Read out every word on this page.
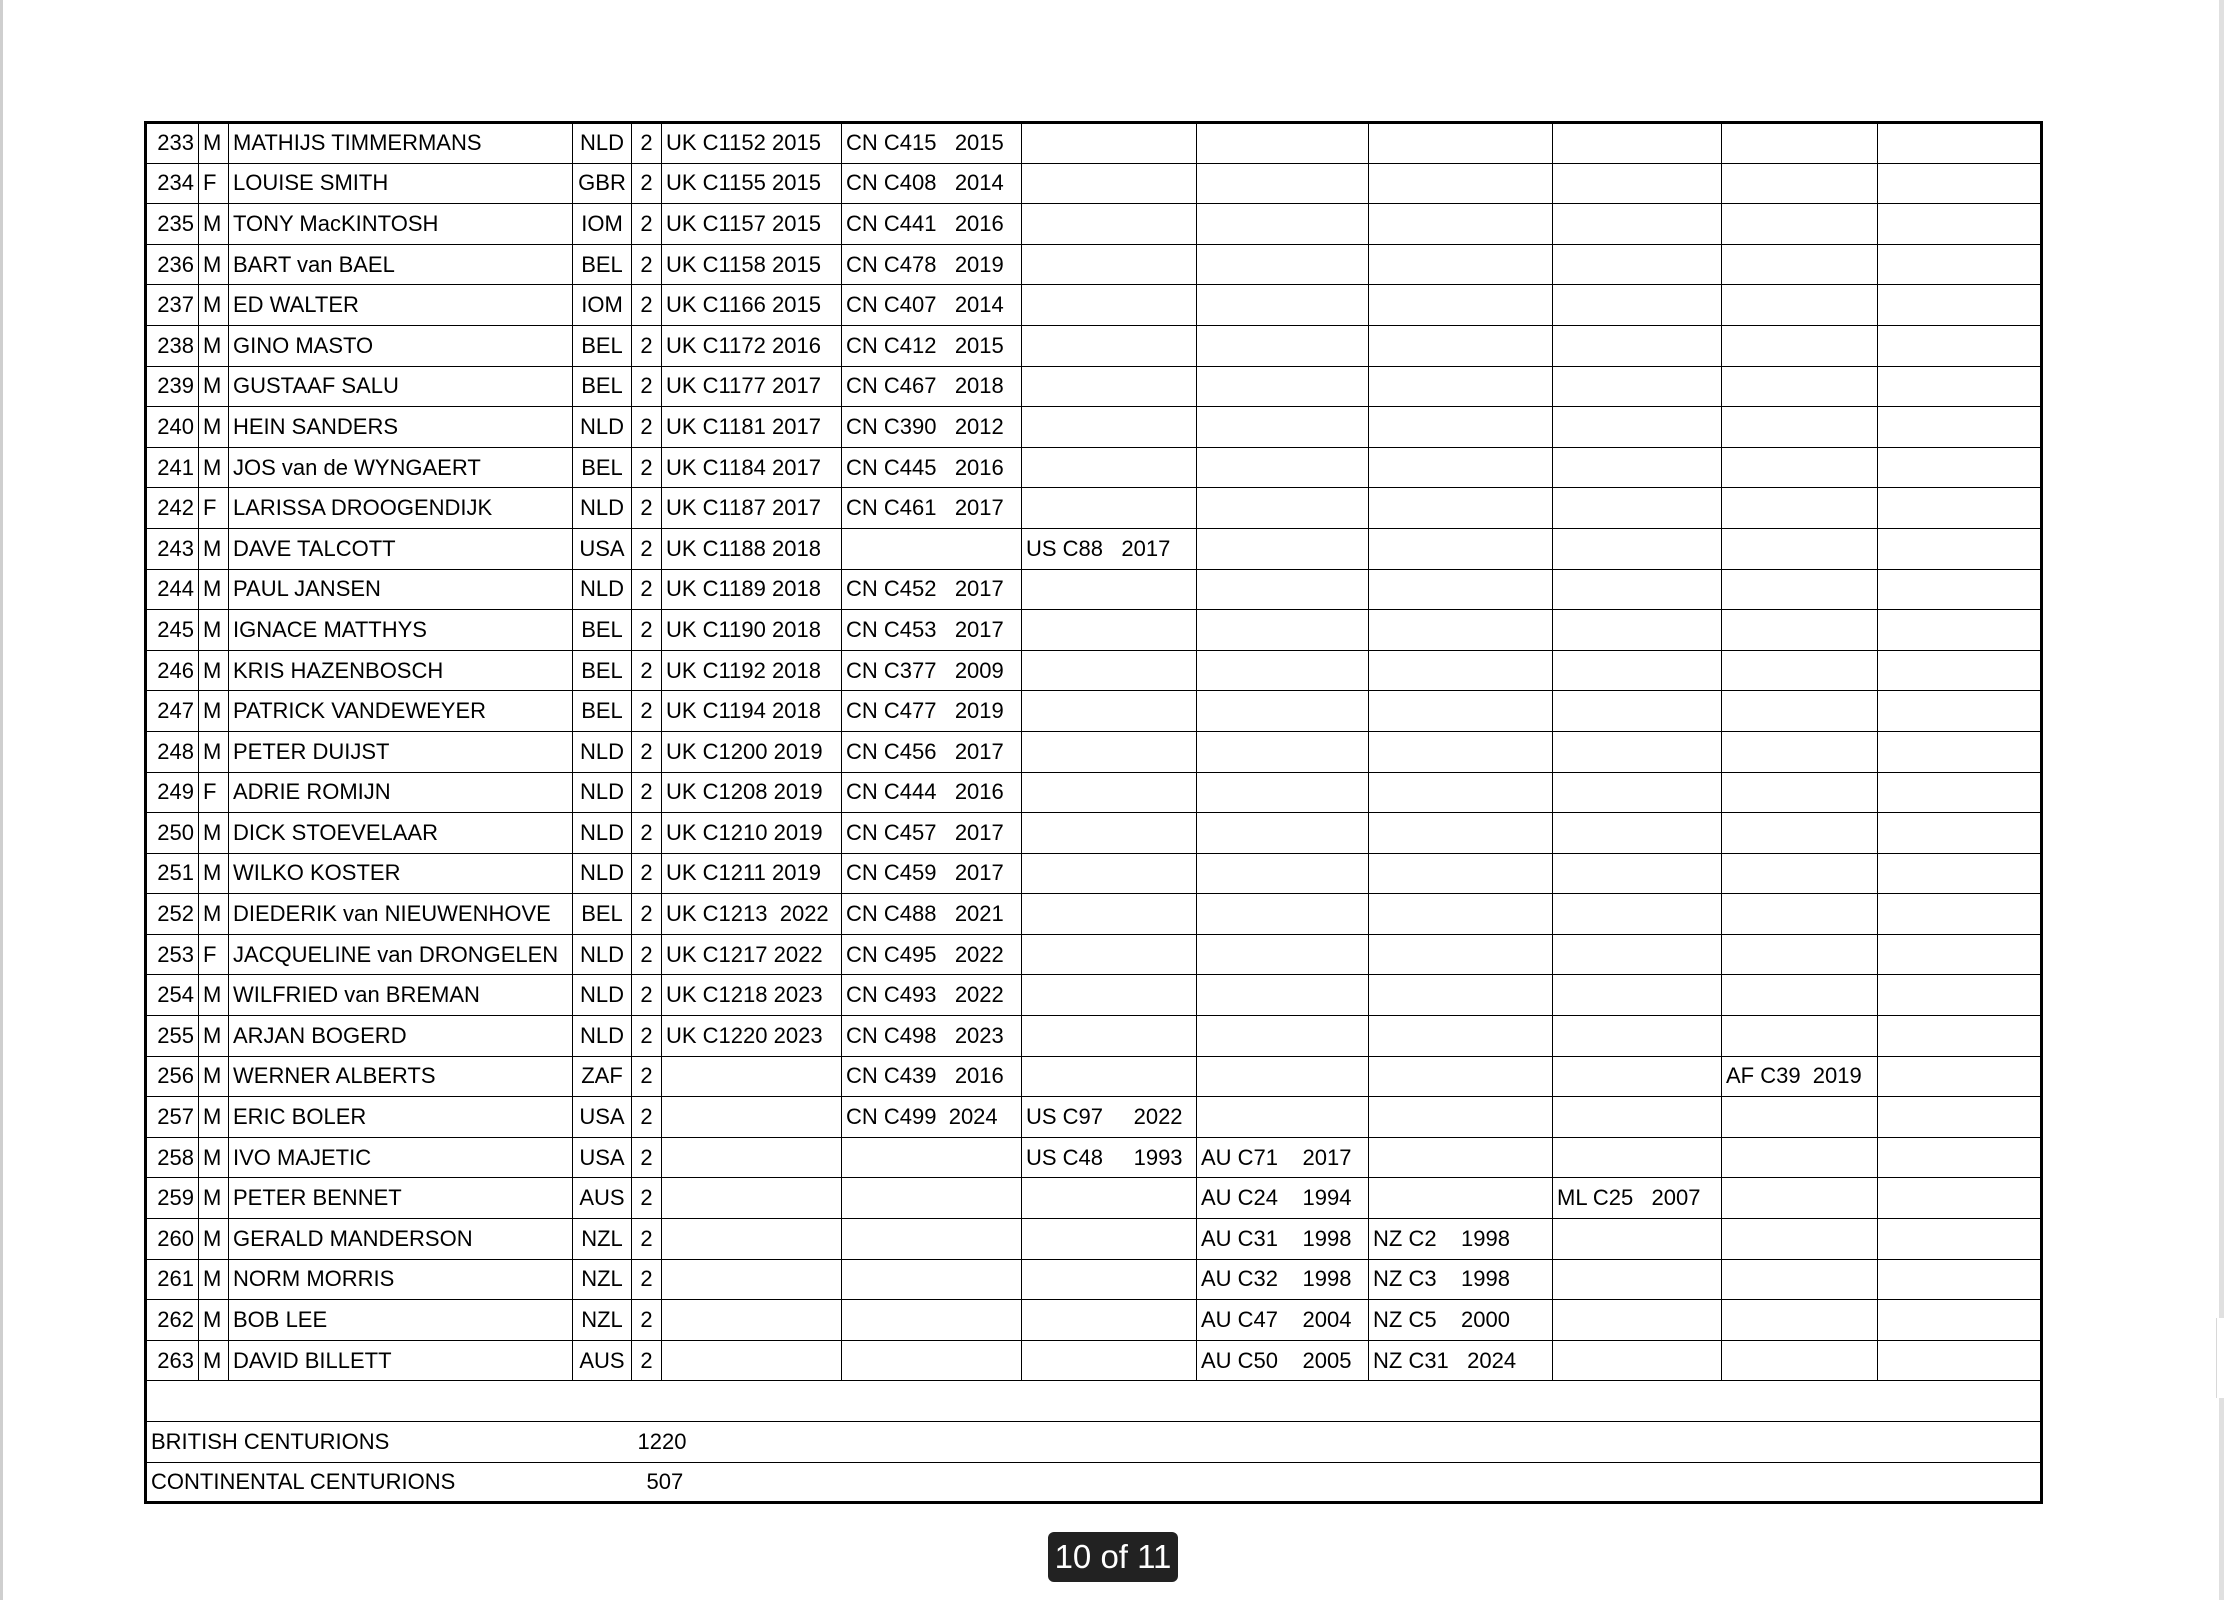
233	M	MATHIJS TIMMERMANS	NLD	2	UK C1152 2015	CN C415   2015						
234	F	LOUISE SMITH	GBR	2	UK C1155 2015	CN C408   2014						
235	M	TONY MacKINTOSH	IOM	2	UK C1157 2015	CN C441   2016						
236	M	BART van BAEL	BEL	2	UK C1158 2015	CN C478   2019						
237	M	ED WALTER	IOM	2	UK C1166 2015	CN C407   2014						
238	M	GINO MASTO	BEL	2	UK C1172 2016	CN C412   2015						
239	M	GUSTAAF SALU	BEL	2	UK C1177 2017	CN C467   2018						
240	M	HEIN SANDERS	NLD	2	UK C1181 2017	CN C390   2012						
241	M	JOS van de WYNGAERT	BEL	2	UK C1184 2017	CN C445   2016						
242	F	LARISSA DROOGENDIJK	NLD	2	UK C1187 2017	CN C461   2017						
243	M	DAVE TALCOTT	USA	2	UK C1188 2018		US C88   2017					
244	M	PAUL JANSEN	NLD	2	UK C1189 2018	CN C452   2017						
245	M	IGNACE MATTHYS	BEL	2	UK C1190 2018	CN C453   2017						
246	M	KRIS HAZENBOSCH	BEL	2	UK C1192 2018	CN C377   2009						
247	M	PATRICK VANDEWEYER	BEL	2	UK C1194 2018	CN C477   2019						
248	M	PETER DUIJST	NLD	2	UK C1200 2019	CN C456   2017						
249	F	ADRIE ROMIJN	NLD	2	UK C1208 2019	CN C444   2016						
250	M	DICK STOEVELAAR	NLD	2	UK C1210 2019	CN C457   2017						
251	M	WILKO KOSTER	NLD	2	UK C1211 2019	CN C459   2017						
252	M	DIEDERIK van NIEUWENHOVE	BEL	2	UK C1213  2022	CN C488   2021						
253	F	JACQUELINE van DRONGELEN	NLD	2	UK C1217 2022	CN C495   2022						
254	M	WILFRIED van BREMAN	NLD	2	UK C1218 2023	CN C493   2022						
255	M	ARJAN BOGERD	NLD	2	UK C1220 2023	CN C498   2023						
256	M	WERNER ALBERTS	ZAF	2		CN C439   2016					AF C39  2019	
257	M	ERIC BOLER	USA	2		CN C499  2024	US C97     2022					
258	M	IVO MAJETIC	USA	2			US C48     1993	AU C71    2017				
259	M	PETER BENNET	AUS	2				AU C24    1994		ML C25   2007		
260	M	GERALD MANDERSON	NZL	2				AU C31    1998	NZ C2    1998			
261	M	NORM MORRIS	NZL	2				AU C32    1998	NZ C3    1998			
262	M	BOB LEE	NZL	2				AU C47    2004	NZ C5    2000			
263	M	DAVID BILLETT	AUS	2				AU C50    2005	NZ C31   2024			

BRITISH CENTURIONS				1220								
CONTINENTAL CENTURIONS				507								
10 of 11
